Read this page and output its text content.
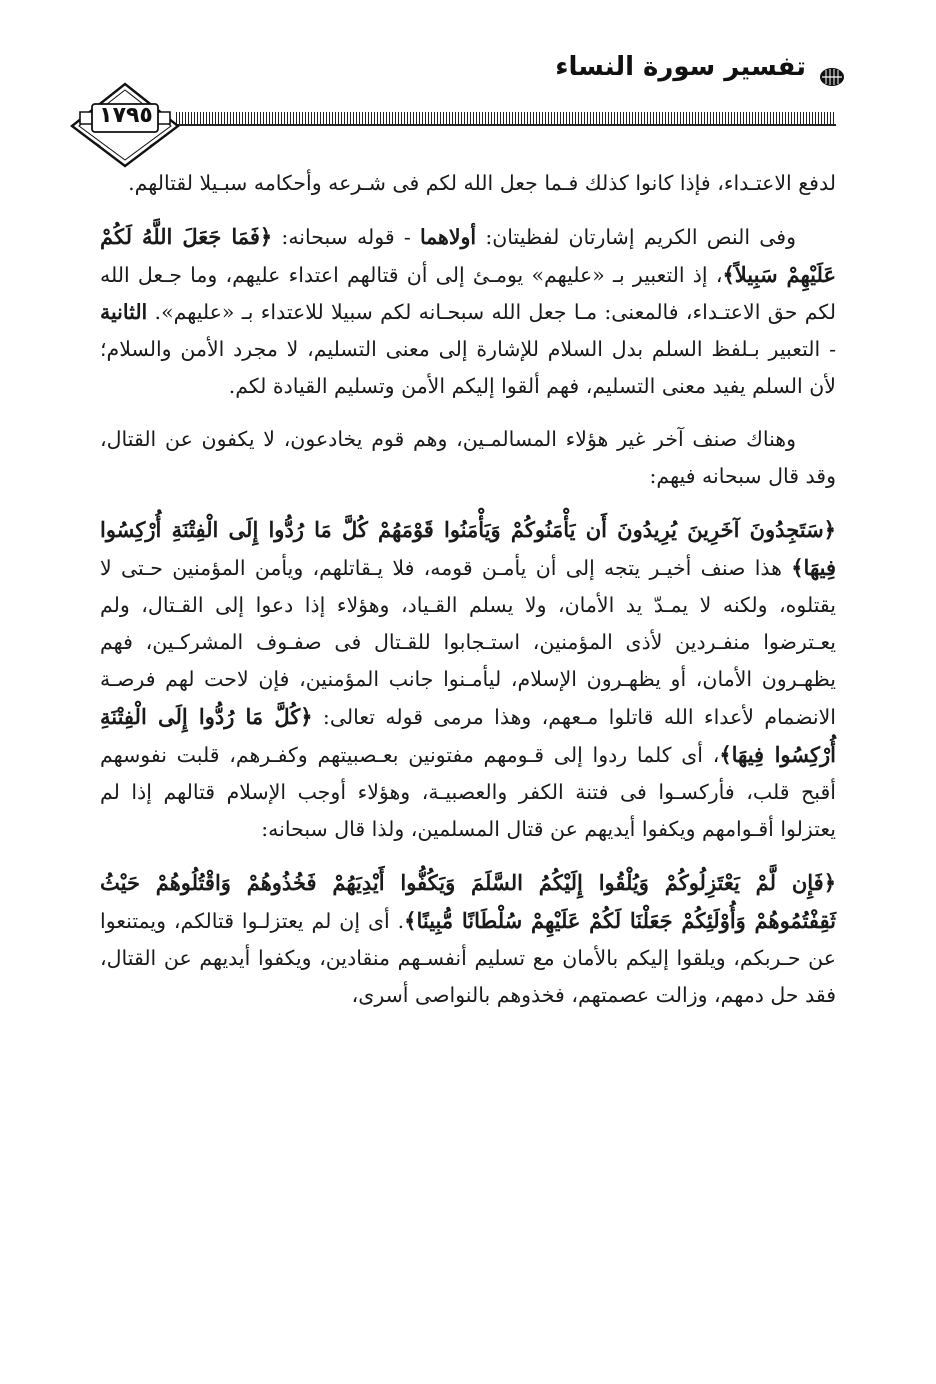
تفسير سورة النساء
١٧٩٥

لدفع الاعتـداء، فإذا كانوا كذلك فـما جعل الله لكم فى شـرعه وأحكامه سبـيلا لقتالهم.

وفى النص الكريم إشارتان لفظيتان: أولاهما - قوله سبحانه: ﴿فَمَا جَعَلَ اللَّهُ لَكُمْ عَلَيْهِمْ سَبِيلاً﴾، إذ التعبير بـ «عليهم» يومـئ إلى أن قتالهم اعتداء عليهم، وما جـعل الله لكم حق الاعتـداء، فالمعنى: مـا جعل الله سبحـانه لكم سبيلا للاعتداء بـ «عليهم». الثانية - التعبير بـلفظ السلم بدل السلام للإشارة إلى معنى التسليم، لا مجرد الأمن والسلام؛ لأن السلم يفيد معنى التسليم، فهم ألقوا إليكم الأمن وتسليم القيادة لكم.

وهناك صنف آخر غير هؤلاء المسالمـين، وهم قوم يخادعون، لا يكفون عن القتال، وقد قال سبحانه فيهم:

﴿سَتَجِدُونَ آخَرِينَ يُرِيدُونَ أَن يَأْمَنُوكُمْ وَيَأْمَنُوا قَوْمَهُمْ كُلَّ مَا رُدُّوا إِلَى الْفِتْنَةِ أُرْكِسُوا فِيهَا﴾ هذا صنف أخيـر يتجه إلى أن يأمـن قومه، فلا يـقاتلهم، ويأمن المؤمنين حـتى لا يقتلوه، ولكنه لا يمـدّ يد الأمان، ولا يسلم القـياد، وهؤلاء إذا دعوا إلى القـتال، ولم يعـترضوا منفـردين لأذى المؤمنين، استـجابوا للقـتال فى صفـوف المشركـين، فهم يظهـرون الأمان، أو يظهـرون الإسلام، ليأمـنوا جانب المؤمنين، فإن لاحت لهم فرصـة الانضمام لأعداء الله قاتلوا مـعهم، وهذا مرمى قوله تعالى: ﴿كُلَّ مَا رُدُّوا إِلَى الْفِتْنَةِ أُرْكِسُوا فِيهَا﴾، أى كلما ردوا إلى قـومهم مفتونين بعـصبيتهم وكفـرهم، قلبت نفوسهم أقبح قلب، فأركسـوا فى فتنة الكفر والعصبيـة، وهؤلاء أوجب الإسلام قتالهم إذا لم يعتزلوا أقـوامهم ويكفوا أيديهم عن قتال المسلمين، ولذا قال سبحانه:

﴿فَإِن لَّمْ يَعْتَزِلُوكُمْ وَيُلْقُوا إِلَيْكُمُ السَّلَمَ وَيَكُفُّوا أَيْدِيَهُمْ فَخُذُوهُمْ وَاقْتُلُوهُمْ حَيْثُ ثَقِفْتُمُوهُمْ وَأُوْلَئِكُمْ جَعَلْنَا لَكُمْ عَلَيْهِمْ سُلْطَانًا مُّبِينًا﴾. أى إن لم يعتزلـوا قتالكم، ويمتنعوا عن حـربكم، ويلقوا إليكم بالأمان مع تسليم أنفسـهم منقادين، ويكفوا أيديهم عن القتال، فقد حل دمهم، وزالت عصمتهم، فخذوهم بالنواصى أسرى،
